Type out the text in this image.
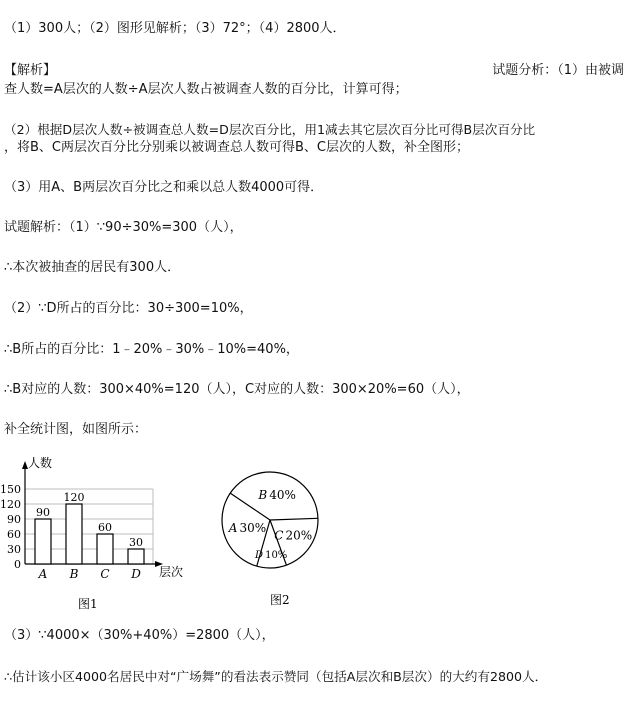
（1）300人；（2）图形见解析；（3）72°；（4）2800人．
【解析】	试题分析：（1）由被调
查人数=A层次的人数÷A层次人数占被调查人数的百分比，计算可得；
（2）根据D层次人数÷被调查总人数=D层次百分比，用1减去其它层次百分比可得B层次百分比
，将B、C两层次百分比分别乘以被调查总人数可得B、C层次的人数，补全图形；
（3）用A、B两层次百分比之和乘以总人数4000可得．
试题解析：（1）∵90÷30%=300（人），
∴本次被抽查的居民有300人．
（2）∵D所占的百分比：30÷300=10%，
∴B所占的百分比：1﹣20%﹣30%﹣10%=40%，
∴B对应的人数：300×40%=120（人），C对应的人数：300×20%=60（人），
补全统计图，如图所示：
人数
层次
150
120
90
60
30
0
90
A
120
B
60
C
30
D
图1
B 40%
C 20%
D 10%
A 30%
图2
（3）∵4000×（30%+40%）=2800（人），
∴估计该小区4000名居民中对“广场舞”的看法表示赞同（包括A层次和B层次）的大约有2800人．
